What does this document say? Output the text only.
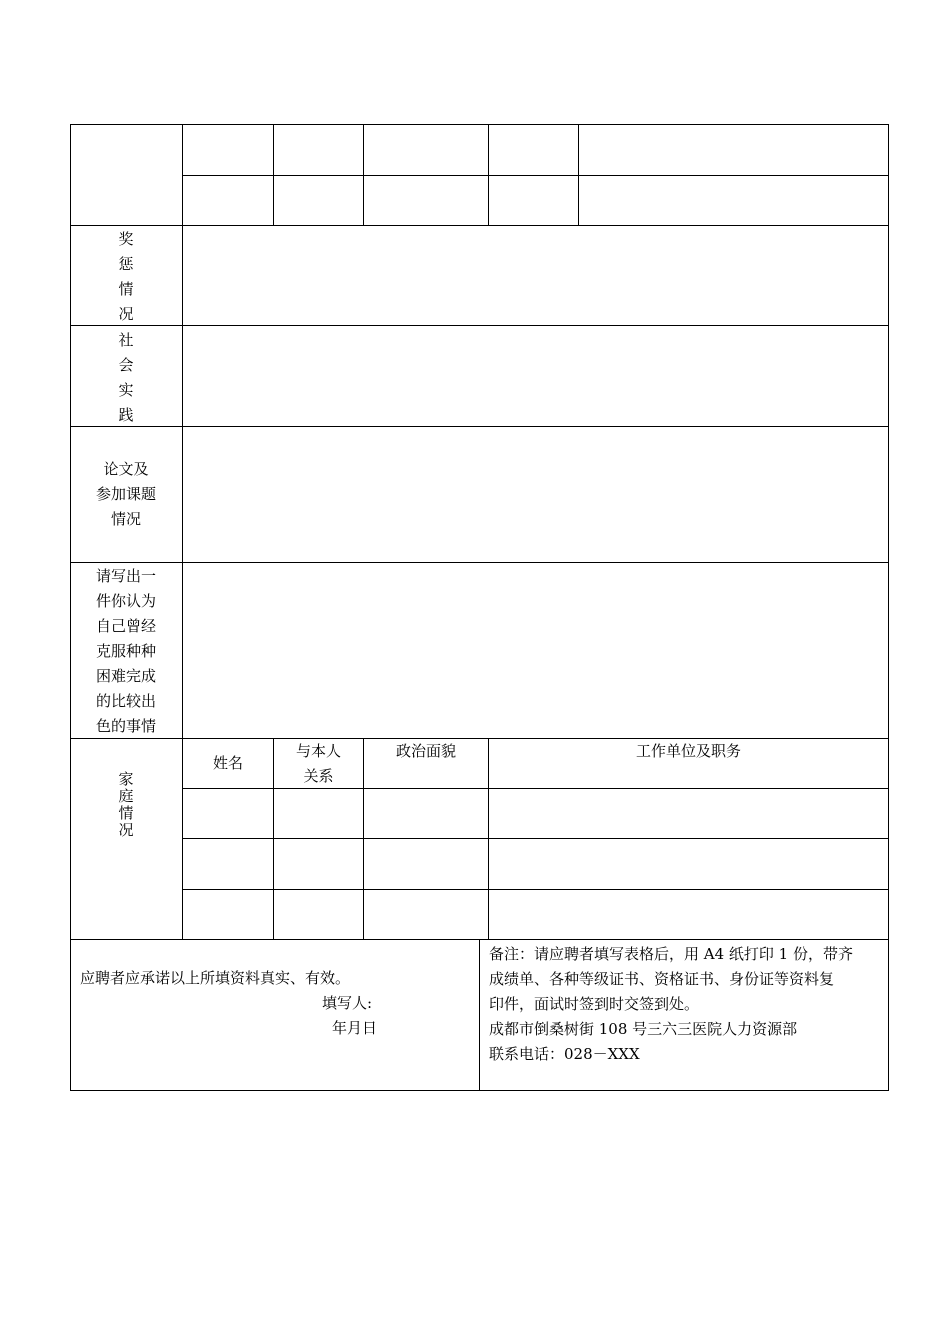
奖
惩
情
况
社
会
实
践
论文及
参加课题
情况
请写出一
件你认为
自己曾经
克服种种
困难完成
的比较出
色的事情
家
庭
情
况
姓名
与本人
关系
政治面貌	工作单位及职务
应聘者应承诺以上所填资料真实、有效。
填写人:
年月日
备注：请应聘者填写表格后，用 A4 纸打印 1 份，带齐
成绩单、各种等级证书、资格证书、身份证等资料复
印件，面试时签到时交签到处。
成都市倒桑树街 108 号三六三医院人力资源部
联系电话：028－XXX
